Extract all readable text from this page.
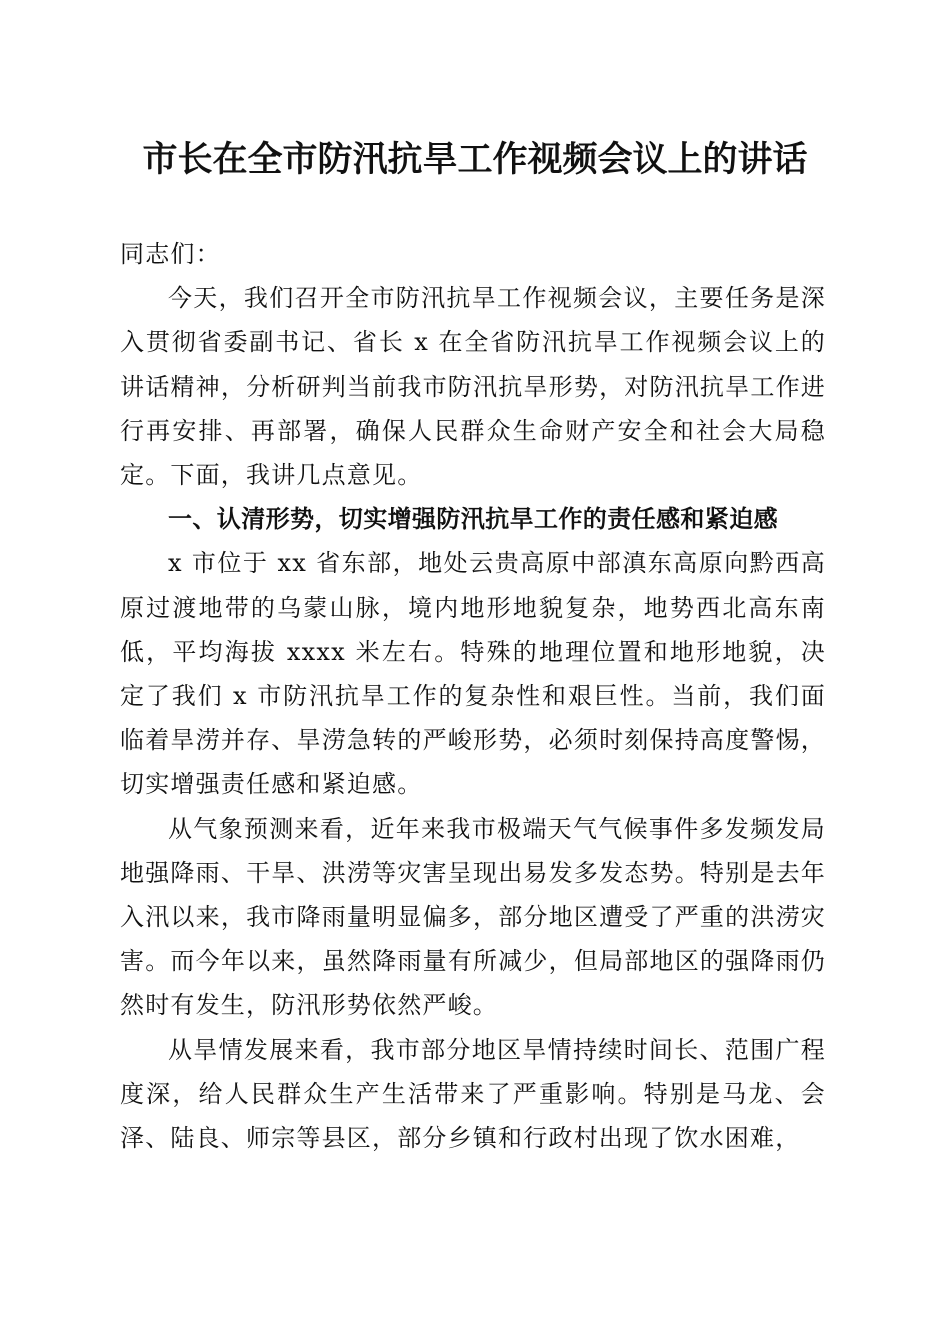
市长在全市防汛抗旱工作视频会议上的讲话

同志们：

今天，我们召开全市防汛抗旱工作视频会议，主要任务是深入贯彻省委副书记、省长 x 在全省防汛抗旱工作视频会议上的讲话精神，分析研判当前我市防汛抗旱形势，对防汛抗旱工作进行再安排、再部署，确保人民群众生命财产安全和社会大局稳定。下面，我讲几点意见。

一、认清形势，切实增强防汛抗旱工作的责任感和紧迫感

x 市位于 xx 省东部，地处云贵高原中部滇东高原向黔西高原过渡地带的乌蒙山脉，境内地形地貌复杂，地势西北高东南低，平均海拔 xxxx 米左右。特殊的地理位置和地形地貌，决定了我们 x 市防汛抗旱工作的复杂性和艰巨性。当前，我们面临着旱涝并存、旱涝急转的严峻形势，必须时刻保持高度警惕，切实增强责任感和紧迫感。

从气象预测来看，近年来我市极端天气气候事件多发频发局地强降雨、干旱、洪涝等灾害呈现出易发多发态势。特别是去年入汛以来，我市降雨量明显偏多，部分地区遭受了严重的洪涝灾害。而今年以来，虽然降雨量有所减少，但局部地区的强降雨仍然时有发生，防汛形势依然严峻。

从旱情发展来看，我市部分地区旱情持续时间长、范围广程度深，给人民群众生产生活带来了严重影响。特别是马龙、会泽、陆良、师宗等县区，部分乡镇和行政村出现了饮水困难，
